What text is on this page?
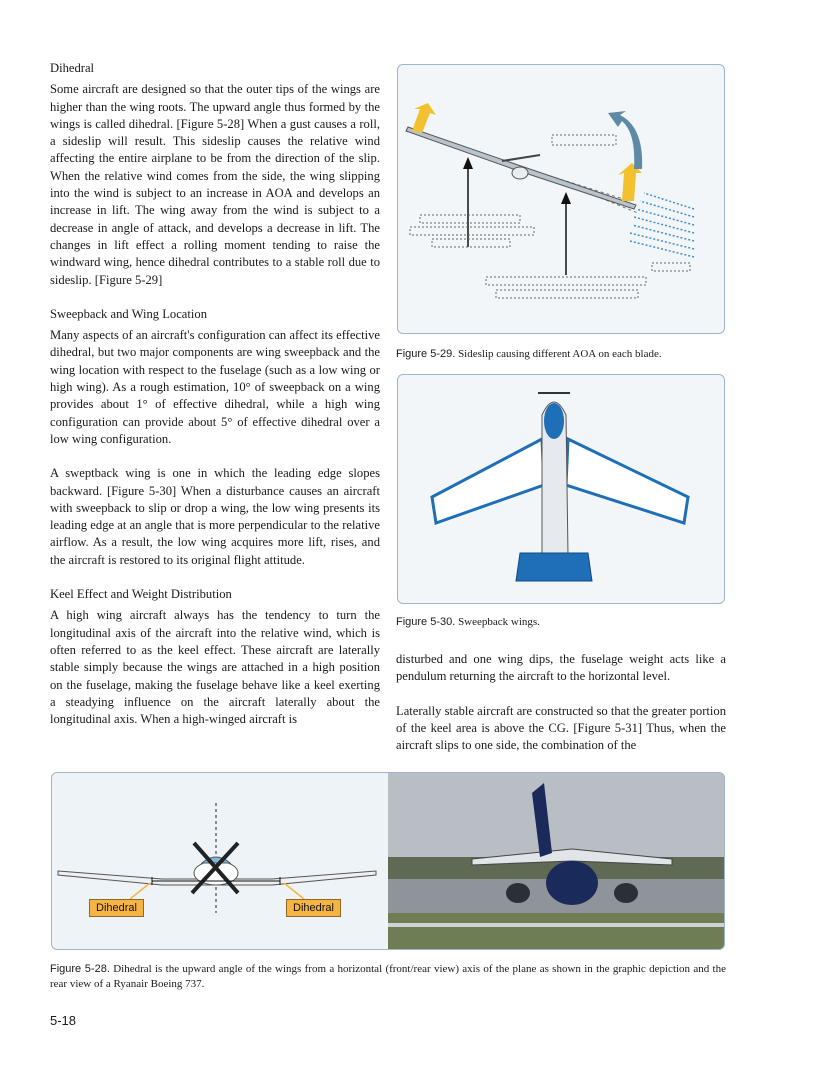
Dihedral

Some aircraft are designed so that the outer tips of the wings are higher than the wing roots. The upward angle thus formed by the wings is called dihedral. [Figure 5-28] When a gust causes a roll, a sideslip will result. This sideslip causes the relative wind affecting the entire airplane to be from the direction of the slip. When the relative wind comes from the side, the wing slipping into the wind is subject to an increase in AOA and develops an increase in lift. The wing away from the wind is subject to a decrease in angle of attack, and develops a decrease in lift. The changes in lift effect a rolling moment tending to raise the windward wing, hence dihedral contributes to a stable roll due to sideslip. [Figure 5-29]

Sweepback and Wing Location

Many aspects of an aircraft's configuration can affect its effective dihedral, but two major components are wing sweepback and the wing location with respect to the fuselage (such as a low wing or high wing). As a rough estimation, 10° of sweepback on a wing provides about 1° of effective dihedral, while a high wing configuration can provide about 5° of effective dihedral over a low wing configuration.

A sweptback wing is one in which the leading edge slopes backward. [Figure 5-30] When a disturbance causes an aircraft with sweepback to slip or drop a wing, the low wing presents its leading edge at an angle that is more perpendicular to the relative airflow. As a result, the low wing acquires more lift, rises, and the aircraft is restored to its original flight attitude.

Keel Effect and Weight Distribution

A high wing aircraft always has the tendency to turn the longitudinal axis of the aircraft into the relative wind, which is often referred to as the keel effect. These aircraft are laterally stable simply because the wings are attached in a high position on the fuselage, making the fuselage behave like a keel exerting a steadying influence on the aircraft laterally about the longitudinal axis. When a high-winged aircraft is

Figure 5-29. Sideslip causing different AOA on each blade.
Figure 5-30. Sweepback wings.

disturbed and one wing dips, the fuselage weight acts like a pendulum returning the aircraft to the horizontal level.

Laterally stable aircraft are constructed so that the greater portion of the keel area is above the CG. [Figure 5-31] Thus, when the aircraft slips to one side, the combination of the

Dihedral	Dihedral
Figure 5-28. Dihedral is the upward angle of the wings from a horizontal (front/rear view) axis of the plane as shown in the graphic depiction and the rear view of a Ryanair Boeing 737.
5-18
